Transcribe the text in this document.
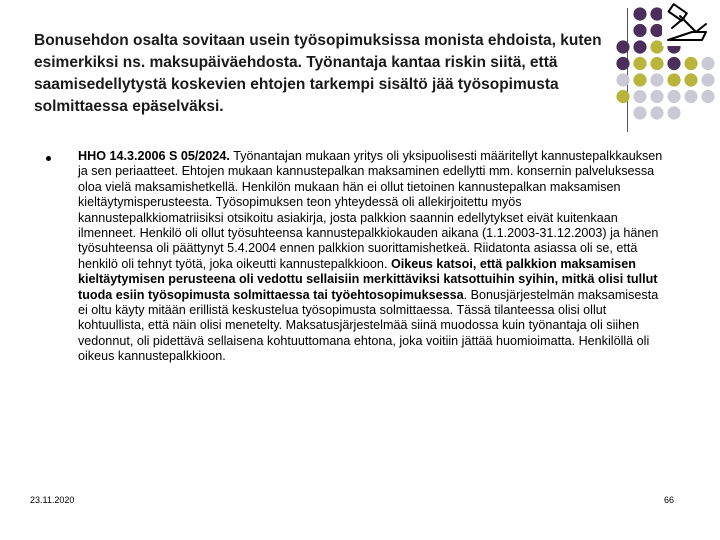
Bonusehdon osalta sovitaan usein työsopimuksissa monista ehdoista, kuten esimerkiksi ns. maksupäiväehdosta. Työnantaja kantaa riskin siitä, että saamisedellytystä koskevien ehtojen tarkempi sisältö jää työsopimusta solmittaessa epäselväksi.
HHO 14.3.2006 S 05/2024. Työnantajan mukaan yritys oli yksipuolisesti määritellyt kannustepalkkauksen ja sen periaatteet. Ehtojen mukaan kannustepalkan maksaminen edellytti mm. konsernin palveluksessa oloa vielä maksamishetkellä. Henkilön mukaan hän ei ollut tietoinen kannustepalkan maksamisen kieltäytymisperusteesta. Työsopimuksen teon yhteydessä oli allekirjoitettu myös kannustepalkkiomatriisiksi otsikoitu asiakirja, josta palkkion saannin edellytykset eivät kuitenkaan ilmenneet. Henkilö oli ollut työsuhteensa kannustepalkkiokauden aikana (1.1.2003-31.12.2003) ja hänen työsuhteensa oli päättynyt 5.4.2004 ennen palkkion suorittamishetkeä. Riidatonta asiassa oli se, että henkilö oli tehnyt työtä, joka oikeutti kannustepalkkioon. Oikeus katsoi, että palkkion maksamisen kieltäytymisen perusteena oli vedottu sellaisiin merkittäviksi katsottuihin syihin, mitkä olisi tullut tuoda esiin työsopimusta solmittaessa tai työehtosopimuksessa. Bonusjärjestelmän maksamisesta ei oltu käyty mitään erillistä keskustelua työsopimusta solmittaessa. Tässä tilanteessa olisi ollut kohtuullista, että näin olisi menetelty. Maksatusjärjestelmää siinä muodossa kuin työnantaja oli siihen vedonnut, oli pidettävä sellaisena kohtuuttomana ehtona, joka voitiin jättää huomioimatta. Henkilöllä oli oikeus kannustepalkkioon.
23.11.2020	66
